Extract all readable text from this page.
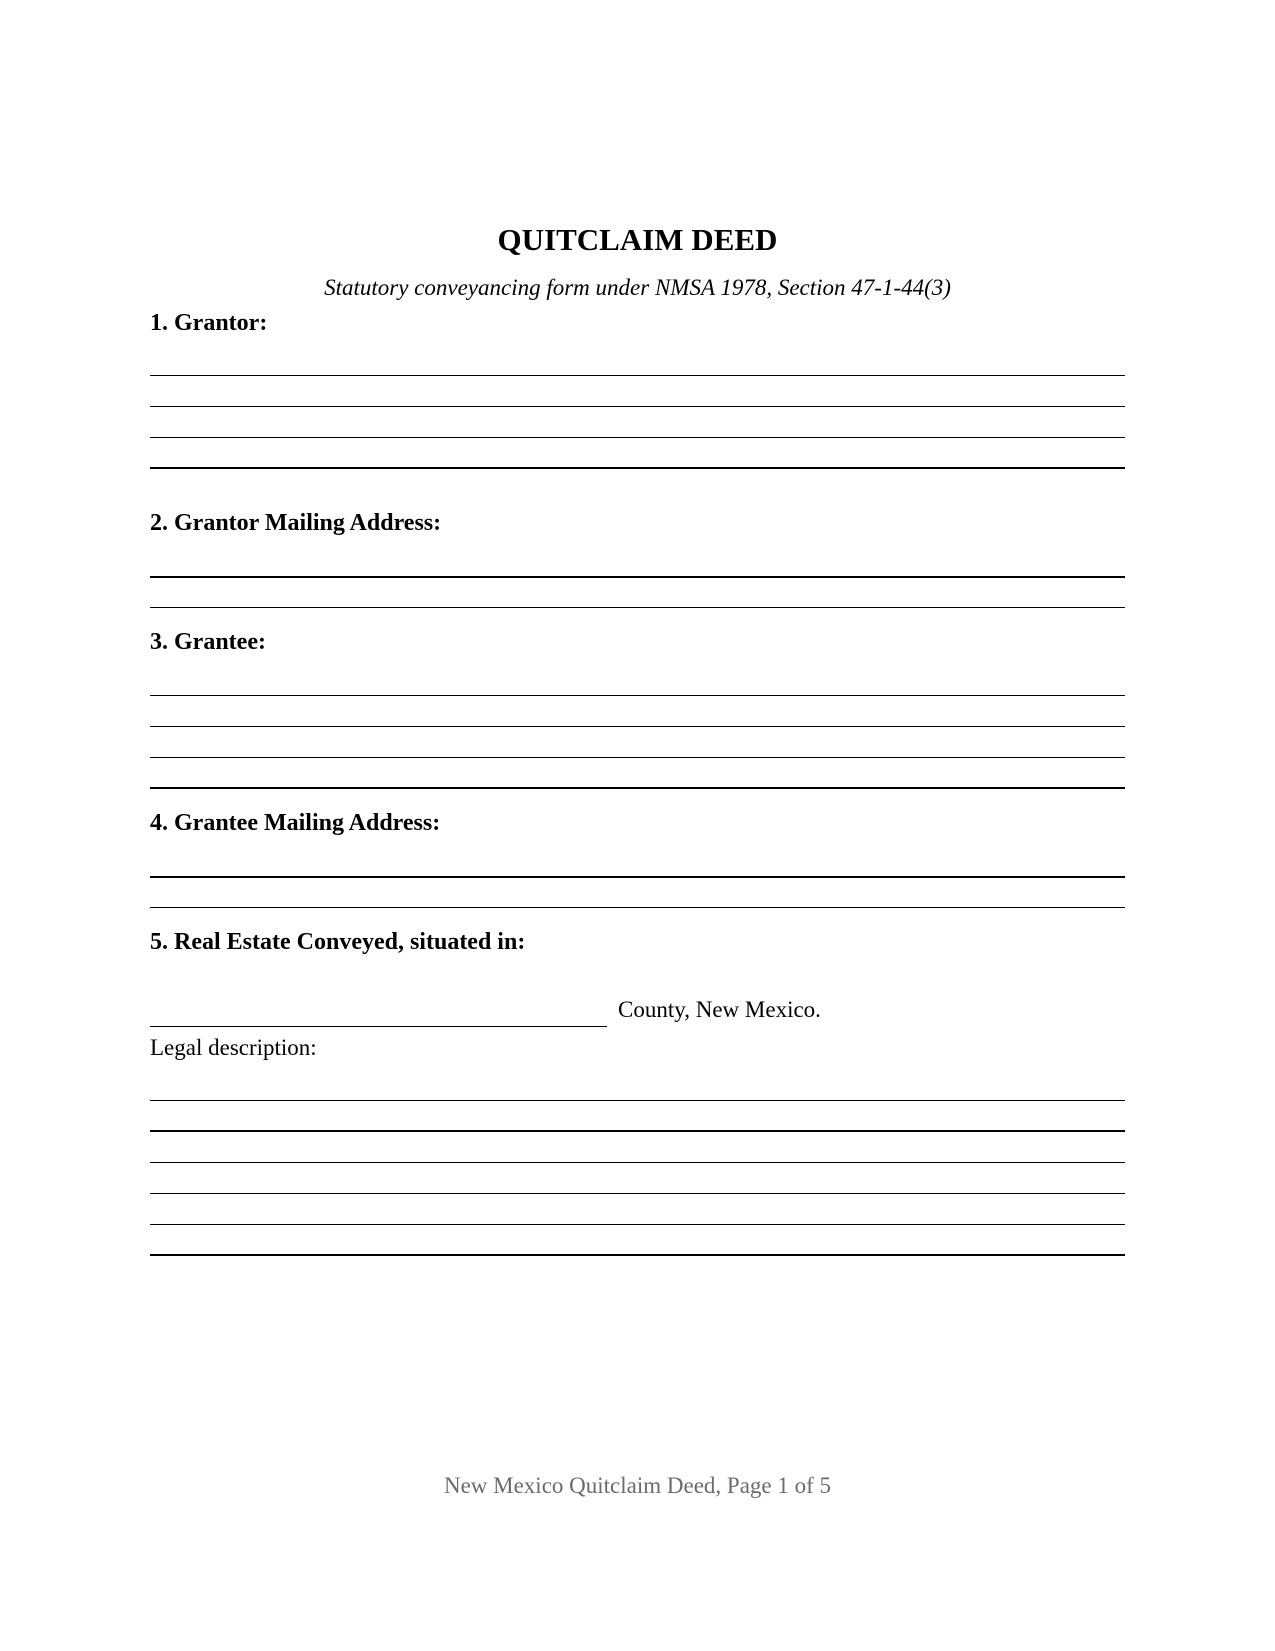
QUITCLAIM DEED
Statutory conveyancing form under NMSA 1978, Section 47-1-44(3)
1. Grantor:
2. Grantor Mailing Address:
3. Grantee:
4. Grantee Mailing Address:
5. Real Estate Conveyed, situated in:
County, New Mexico.
Legal description:
New Mexico Quitclaim Deed, Page 1 of 5
